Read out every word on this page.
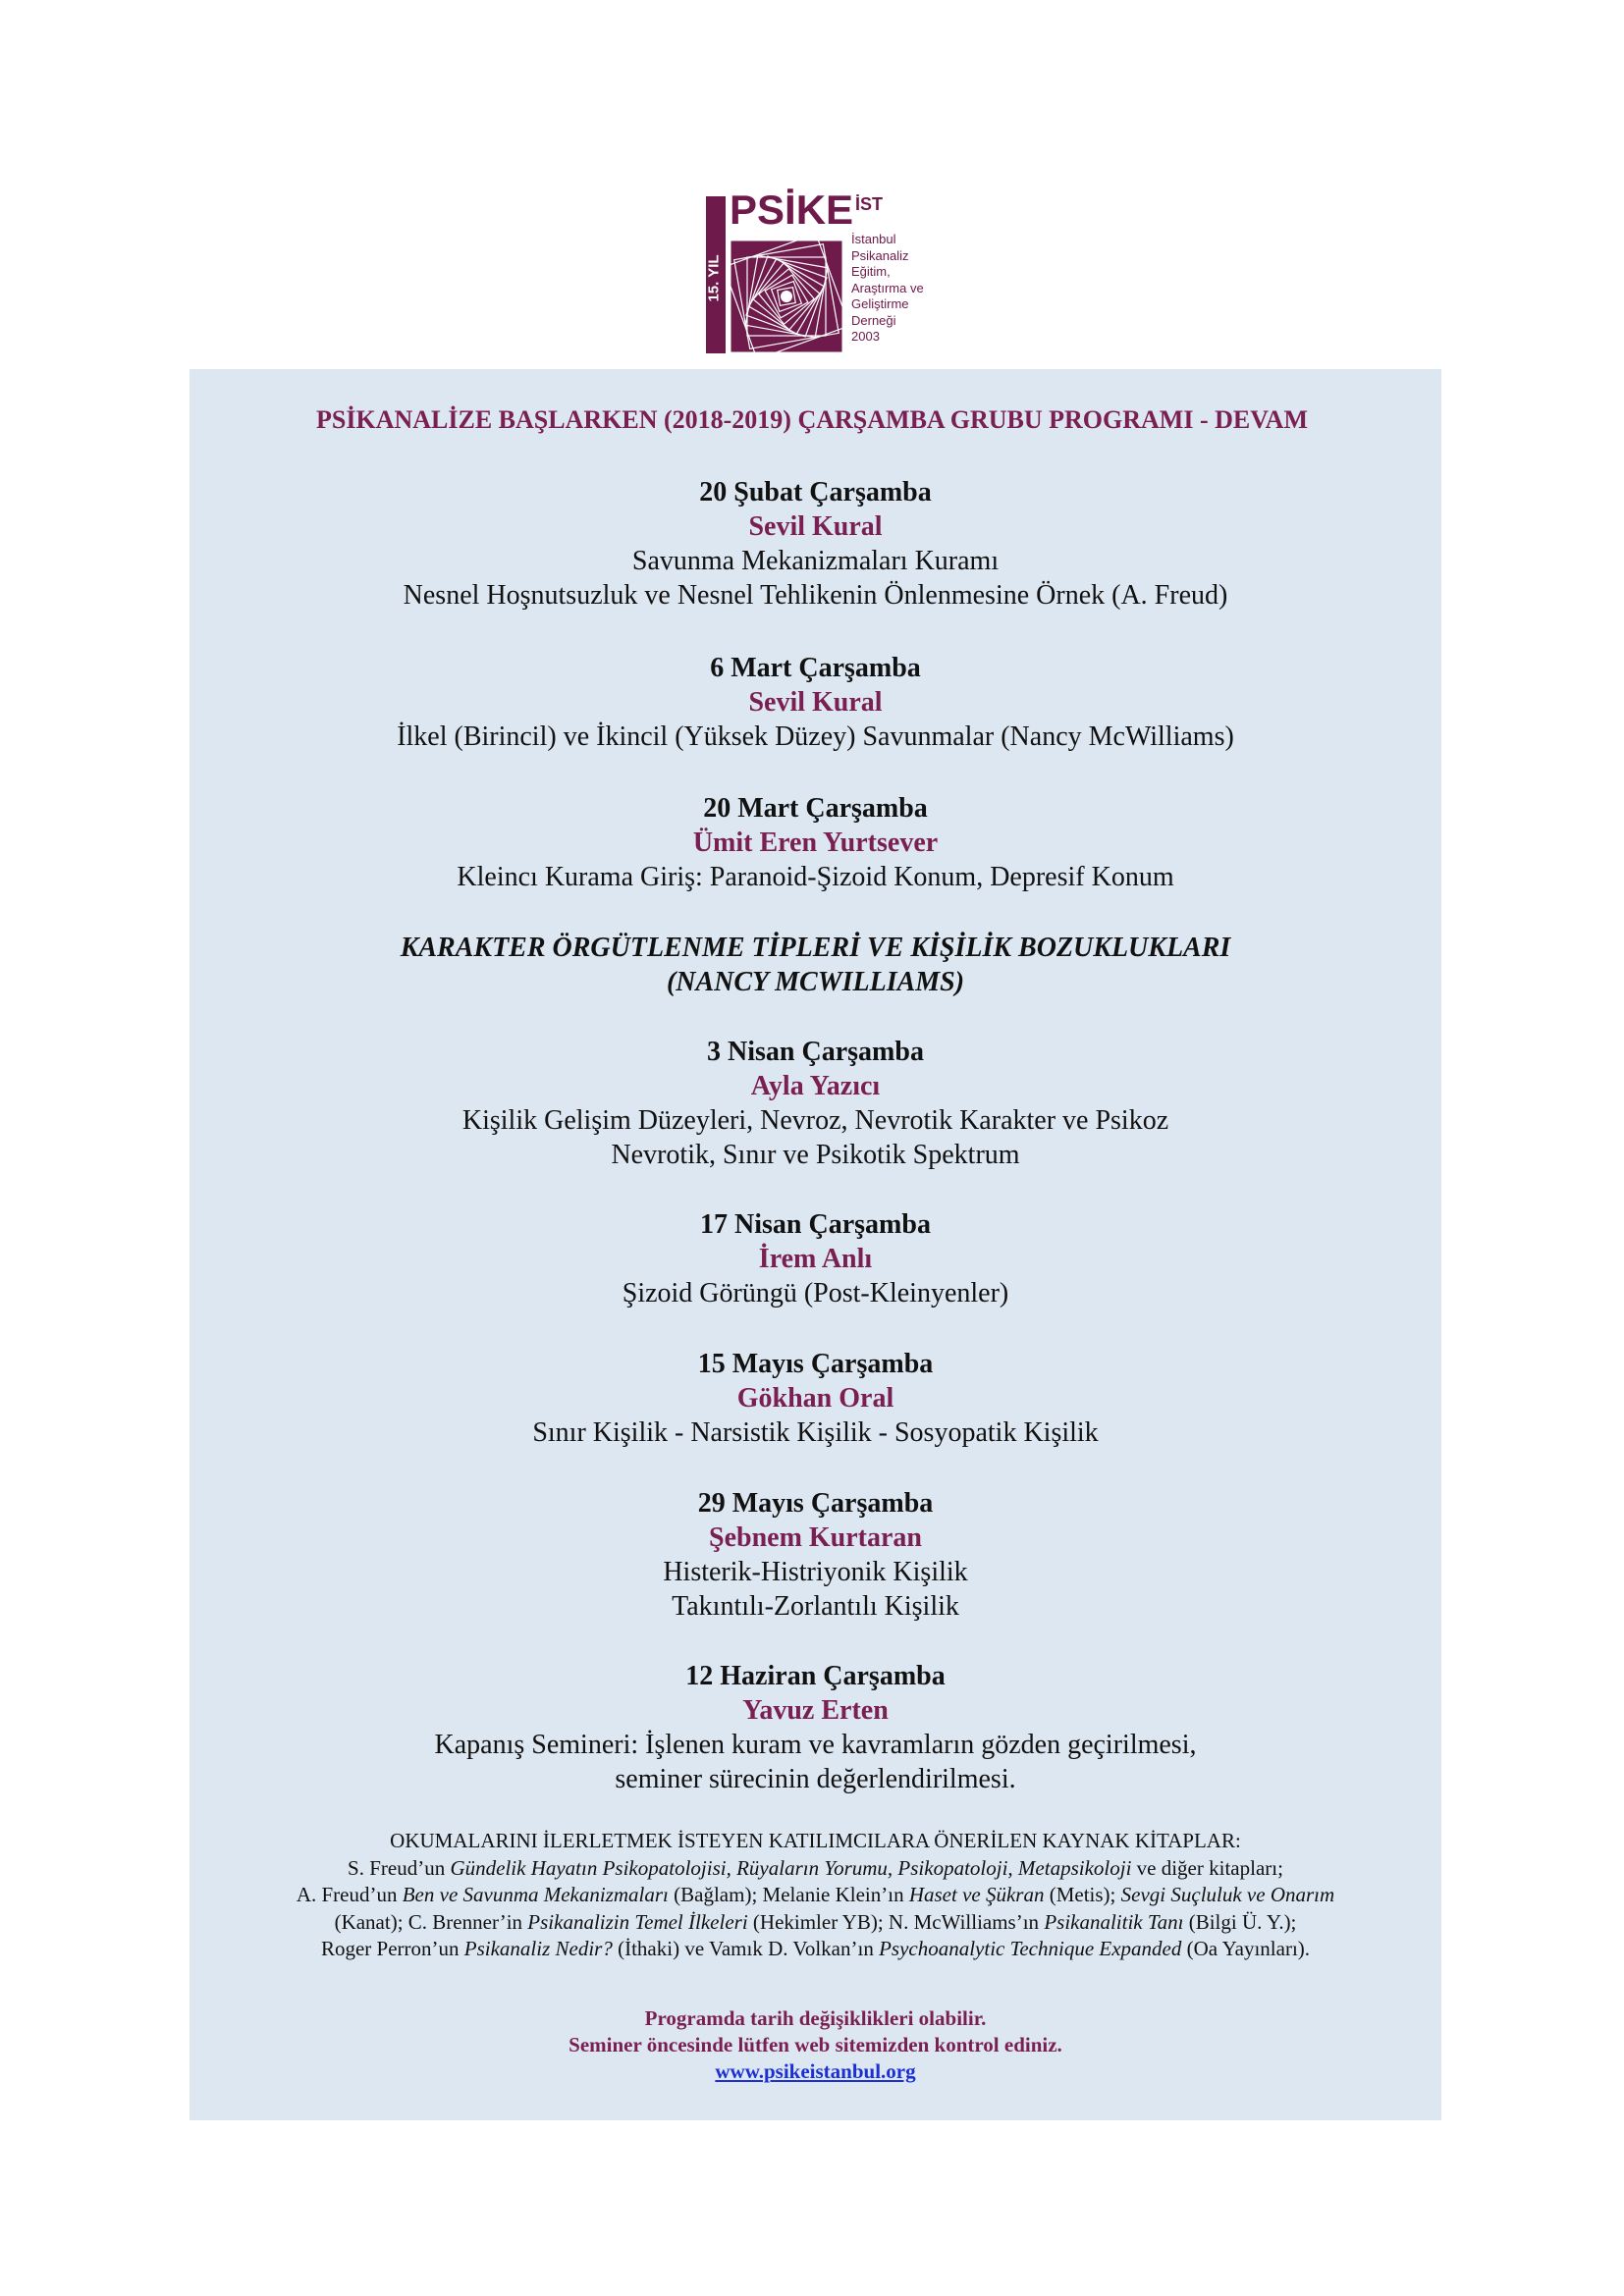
15. YIL
PSİKE İST
İstanbul
Psikanaliz
Eğitim,
Araştırma ve
Geliştirme
Derneği
2003
PSİKANALİZE BAŞLARKEN (2018-2019) ÇARŞAMBA GRUBU PROGRAMI - DEVAM
20 Şubat Çarşamba
Sevil Kural
Savunma Mekanizmaları Kuramı
Nesnel Hoşnutsuzluk ve Nesnel Tehlikenin Önlenmesine Örnek (A. Freud)
6 Mart Çarşamba
Sevil Kural
İlkel (Birincil) ve İkincil (Yüksek Düzey) Savunmalar (Nancy McWilliams)
20 Mart Çarşamba
Ümit Eren Yurtsever
Kleincı Kurama Giriş: Paranoid-Şizoid Konum, Depresif Konum
KARAKTER ÖRGÜTLENME TİPLERİ VE KİŞİLİK BOZUKLUKLARI
(NANCY MCWILLIAMS)
3 Nisan Çarşamba
Ayla Yazıcı
Kişilik Gelişim Düzeyleri, Nevroz, Nevrotik Karakter ve Psikoz
Nevrotik, Sınır ve Psikotik Spektrum
17 Nisan Çarşamba
İrem Anlı
Şizoid Görüngü (Post-Kleinyenler)
15 Mayıs Çarşamba
Gökhan Oral
Sınır Kişilik - Narsistik Kişilik - Sosyopatik Kişilik
29 Mayıs Çarşamba
Şebnem Kurtaran
Histerik-Histriyonik Kişilik
Takıntılı-Zorlantılı Kişilik
12 Haziran Çarşamba
Yavuz Erten
Kapanış Semineri: İşlenen kuram ve kavramların gözden geçirilmesi,
seminer sürecinin değerlendirilmesi.
OKUMALARINI İLERLETMEK İSTEYEN KATILIMCILARA ÖNERİLEN KAYNAK KİTAPLAR:
S. Freud’un Gündelik Hayatın Psikopatolojisi, Rüyaların Yorumu, Psikopatoloji, Metapsikoloji ve diğer kitapları;
A. Freud’un Ben ve Savunma Mekanizmaları (Bağlam); Melanie Klein’ın Haset ve Şükran (Metis); Sevgi Suçluluk ve Onarım
(Kanat); C. Brenner’in Psikanalizin Temel İlkeleri (Hekimler YB); N. McWilliams’ın Psikanalitik Tanı (Bilgi Ü. Y.);
Roger Perron’un Psikanaliz Nedir? (İthaki) ve Vamık D. Volkan’ın Psychoanalytic Technique Expanded (Oa Yayınları).
Programda tarih değişiklikleri olabilir.
Seminer öncesinde lütfen web sitemizden kontrol ediniz.
www.psikeistanbul.org
